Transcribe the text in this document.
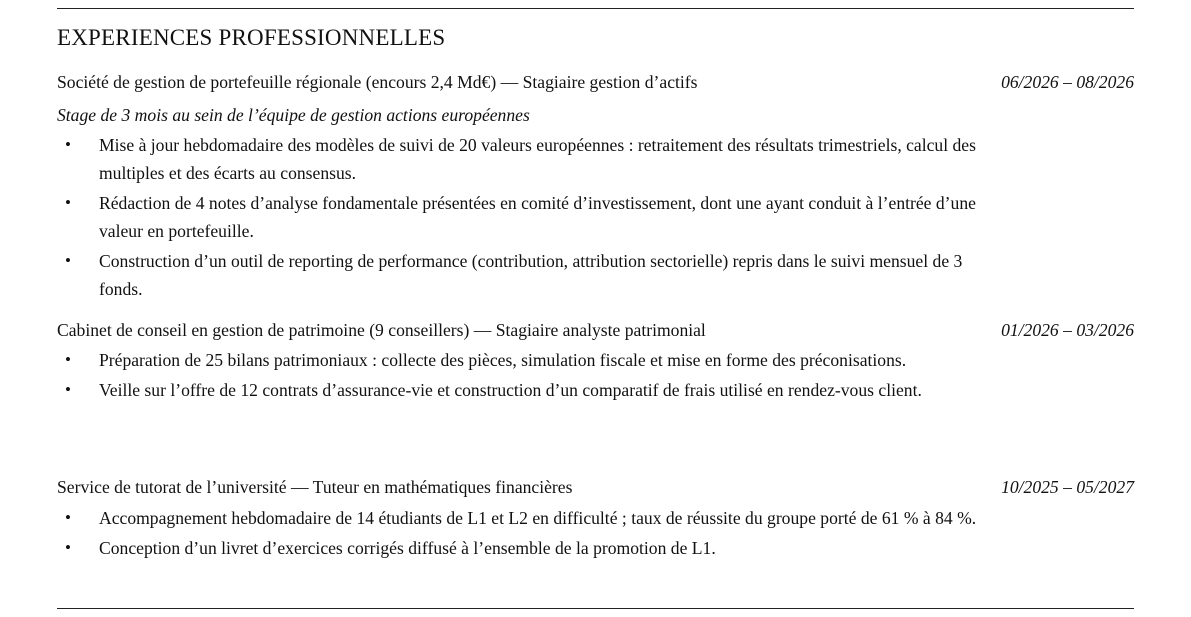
EXPERIENCES PROFESSIONNELLES
Société de gestion de portefeuille régionale (encours 2,4 Md€) — Stagiaire gestion d’actifs	06/2026 – 08/2026
Stage de 3 mois au sein de l’équipe de gestion actions européennes
• Mise à jour hebdomadaire des modèles de suivi de 20 valeurs européennes : retraitement des résultats trimestriels, calcul des multiples et des écarts au consensus.
• Rédaction de 4 notes d’analyse fondamentale présentées en comité d’investissement, dont une ayant conduit à l’entrée d’une valeur en portefeuille.
• Construction d’un outil de reporting de performance (contribution, attribution sectorielle) repris dans le suivi mensuel de 3 fonds.
Cabinet de conseil en gestion de patrimoine (9 conseillers) — Stagiaire analyste patrimonial	01/2026 – 03/2026
• Préparation de 25 bilans patrimoniaux : collecte des pièces, simulation fiscale et mise en forme des préconisations.
• Veille sur l’offre de 12 contrats d’assurance-vie et construction d’un comparatif de frais utilisé en rendez-vous client.
Service de tutorat de l’université — Tuteur en mathématiques financières	10/2025 – 05/2027
• Accompagnement hebdomadaire de 14 étudiants de L1 et L2 en difficulté ; taux de réussite du groupe porté de 61 % à 84 %.
• Conception d’un livret d’exercices corrigés diffusé à l’ensemble de la promotion de L1.
